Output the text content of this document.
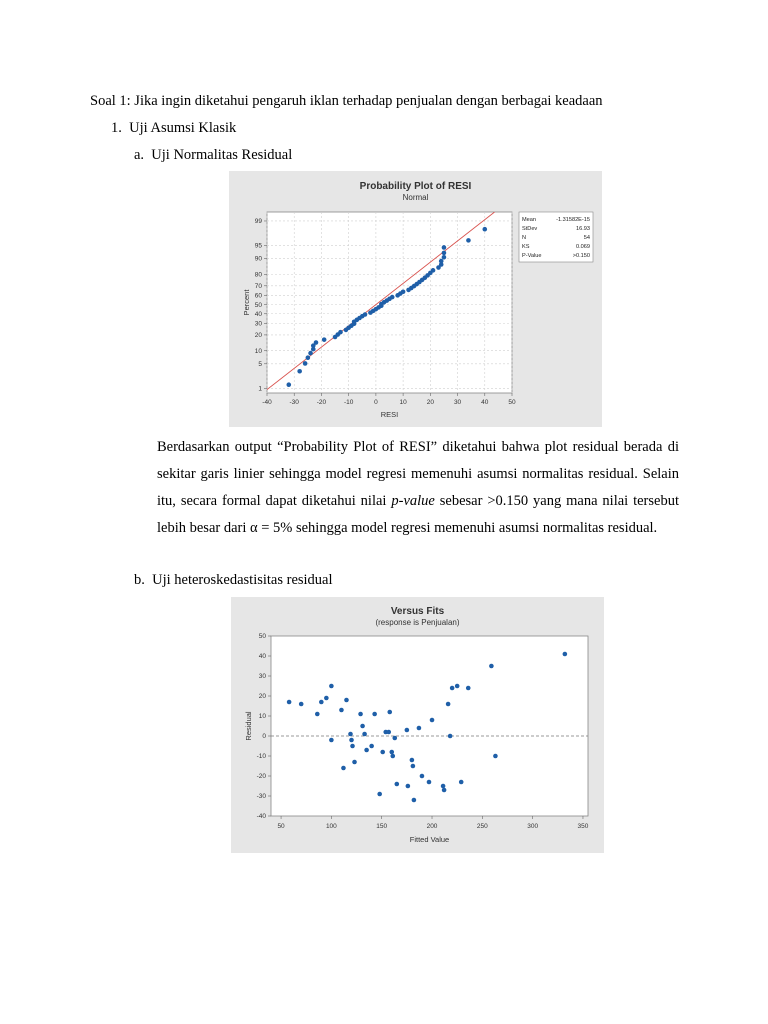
Soal 1: Jika ingin diketahui pengaruh iklan terhadap penjualan dengan berbagai keadaan
1.  Uji Asumsi Klasik
a.  Uji Normalitas Residual
Probability Plot of RESI
Normal
-40	-30	-20	-10	0	10	20	30	40	50
1
5
10
20
30
40
50
60
70
80
90
95
99
RESI
Percent
Mean	-1.31582E-15
StDev	16.93
N	54
KS	0.069
P-Value	>0.150

Berdasarkan output “Probability Plot of RESI” diketahui bahwa plot residual berada di sekitar garis linier sehingga model regresi memenuhi asumsi normalitas residual. Selain itu, secara formal dapat diketahui nilai p-value sebesar >0.150 yang mana nilai tersebut lebih besar dari α = 5% sehingga model regresi memenuhi asumsi normalitas residual.

b.  Uji heteroskedastisitas residual
Versus Fits
(response is Penjualan)
50	100	150	200	250	300	350
-40
-30
-20
-10
0
10
20
30
40
50
Fitted Value
Residual
